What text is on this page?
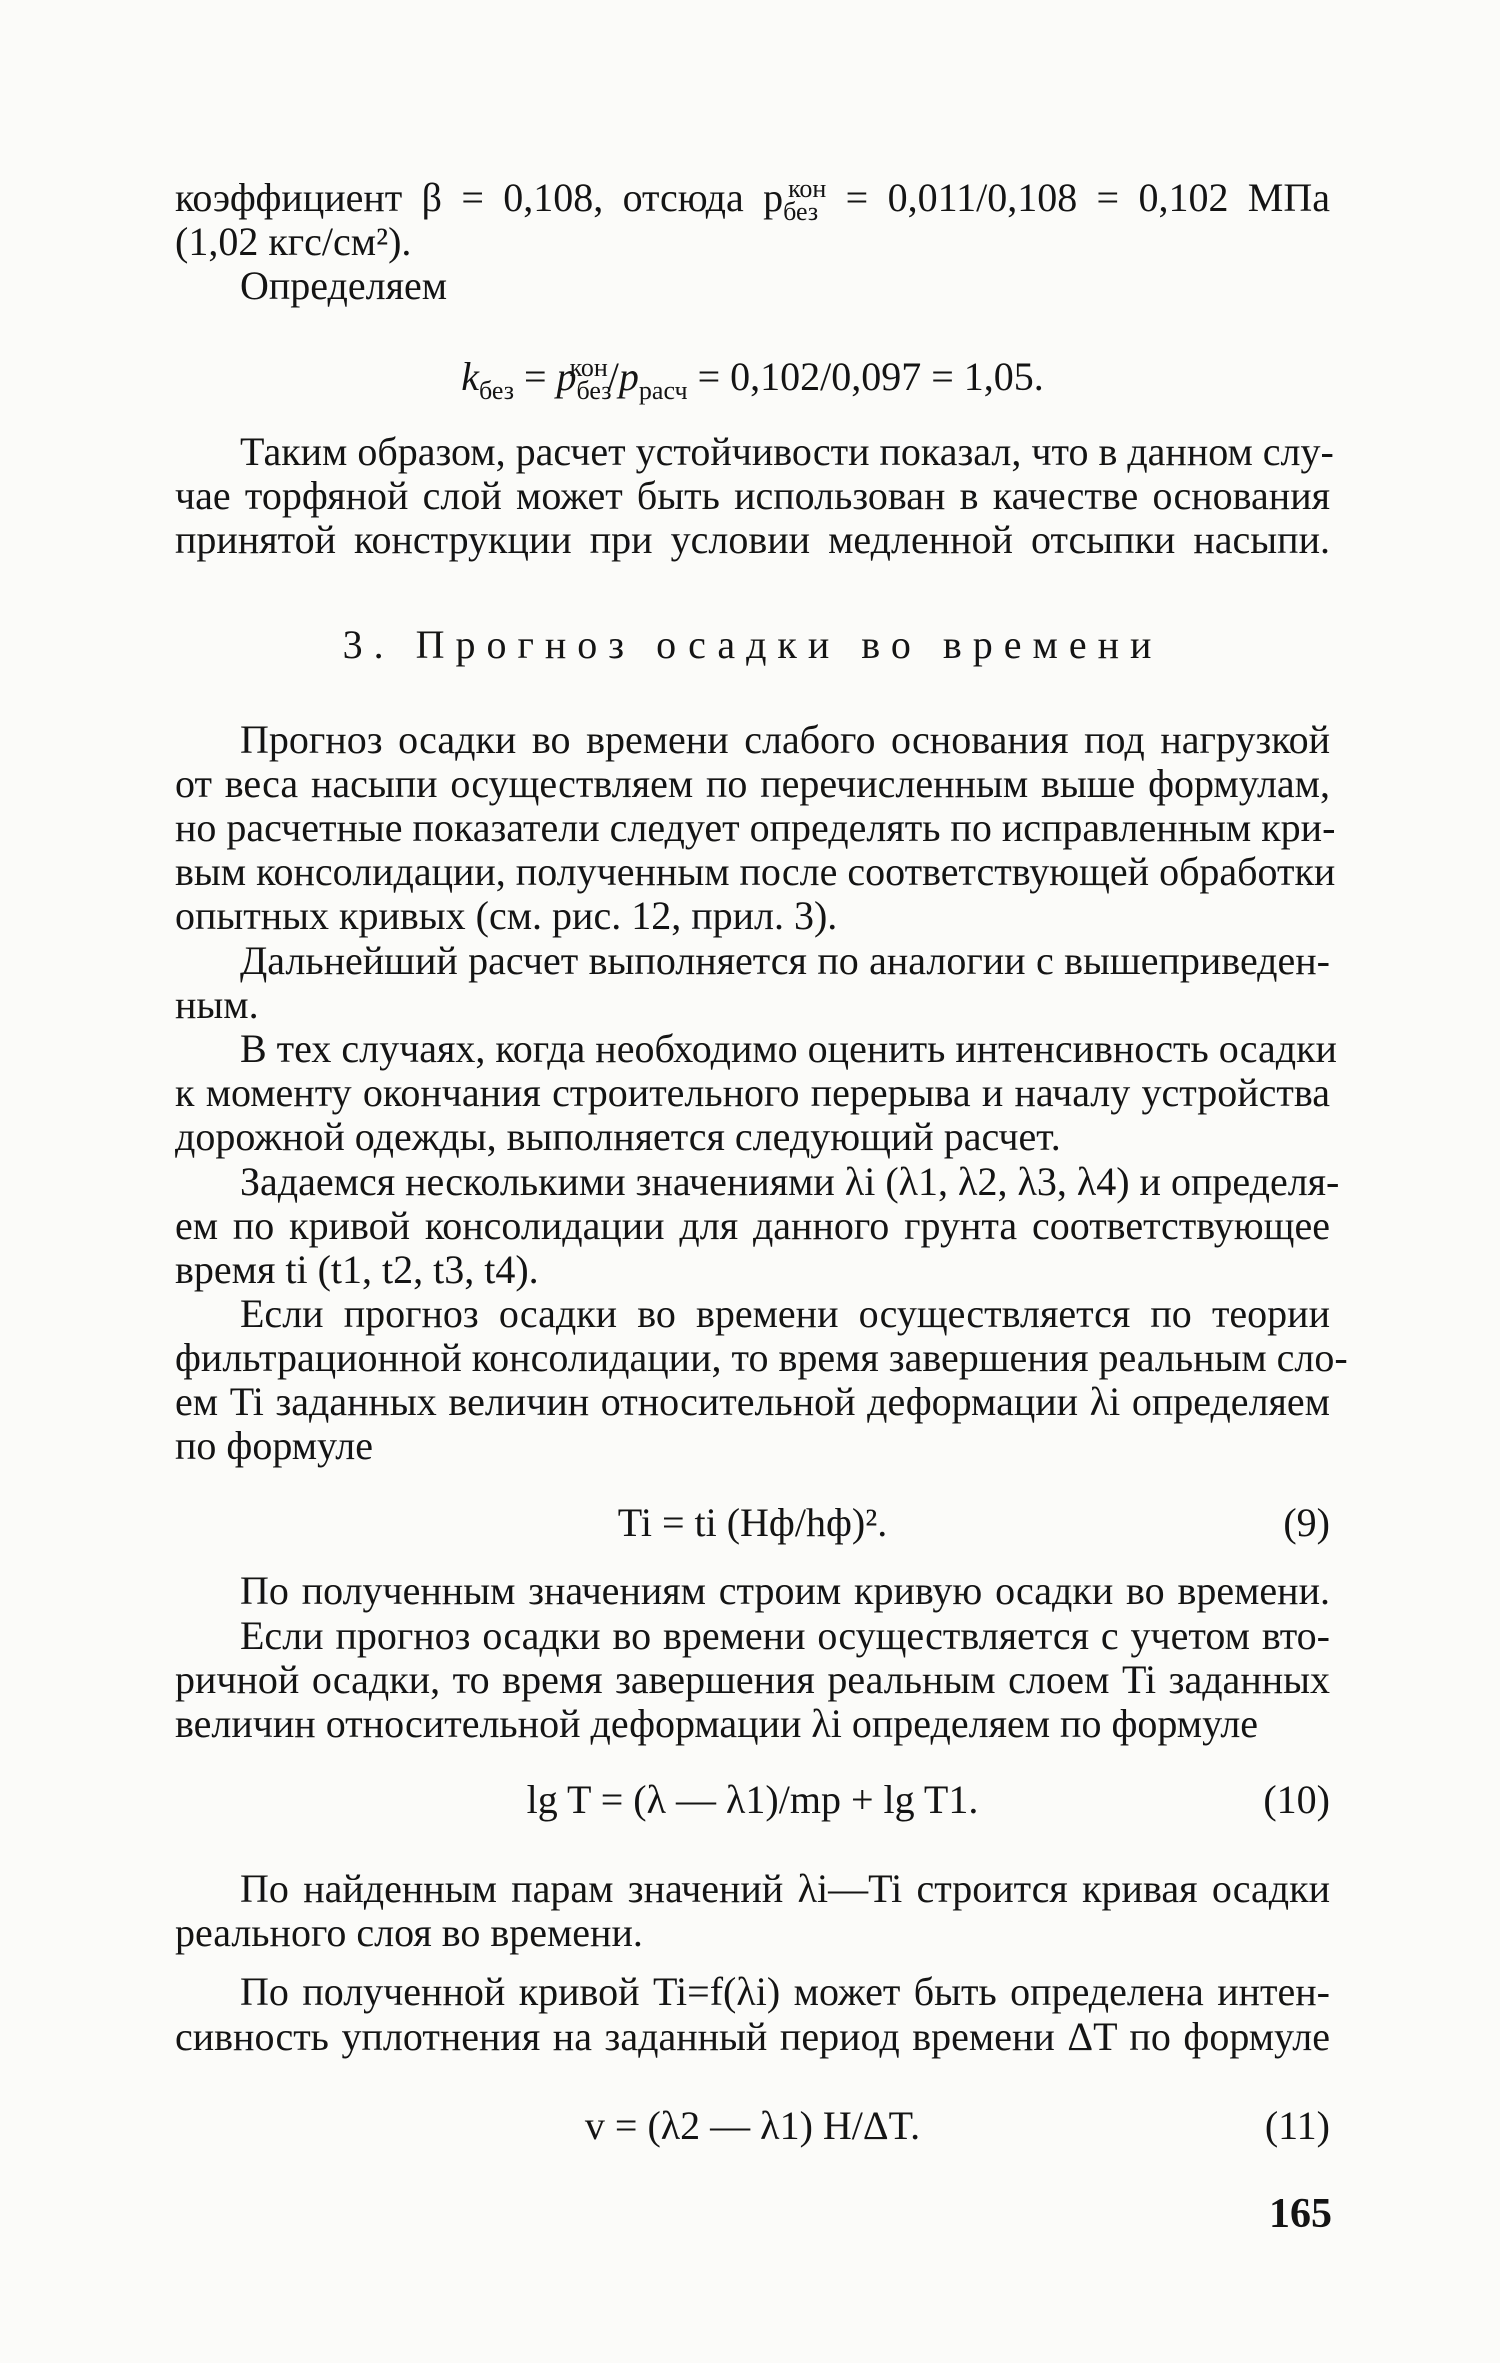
коэффициент β = 0,108, отсюда $p_{без}^{кон} = 0,011/0,108 = 0,102$ МПа
(1,02 кгс/см²).
Определяем
$k_{без} = p_{без}^{кон}/p_{расч} = 0,102/0,097 = 1,05$.
Таким образом, расчет устойчивости показал, что в данном слу-
чае торфяной слой может быть использован в качестве основания
принятой конструкции при условии медленной отсыпки насыпи.
3. Прогноз осадки во времени
Прогноз осадки во времени слабого основания под нагрузкой
от веса насыпи осуществляем по перечисленным выше формулам,
но расчетные показатели следует определять по исправленным кри-
вым консолидации, полученным после соответствующей обработки
опытных кривых (см. рис. 12, прил. 3).
Дальнейший расчет выполняется по аналогии с вышеприведен-
ным.
В тех случаях, когда необходимо оценить интенсивность осадки
к моменту окончания строительного перерыва и началу устройства
дорожной одежды, выполняется следующий расчет.
Задаемся несколькими значениями λi (λ1, λ2, λ3, λ4) и определя-
ем по кривой консолидации для данного грунта соответствующее
время ti (t1, t2, t3, t4).
Если прогноз осадки во времени осуществляется по теории
фильтрационной консолидации, то время завершения реальным сло-
ем Ti заданных величин относительной деформации λi определяем
по формуле
Ti = ti (Hф/hф)².	(9)
По полученным значениям строим кривую осадки во времени.
Если прогноз осадки во времени осуществляется с учетом вто-
ричной осадки, то время завершения реальным слоем Ti заданных
величин относительной деформации λi определяем по формуле
lg T = (λ — λ1)/mp + lg T1.	(10)
По найденным парам значений λi—Ti строится кривая осадки
реального слоя во времени.
По полученной кривой Ti=f(λi) может быть определена интен-
сивность уплотнения на заданный период времени ΔT по формуле
v = (λ2 — λ1) H/ΔT.	(11)
165
